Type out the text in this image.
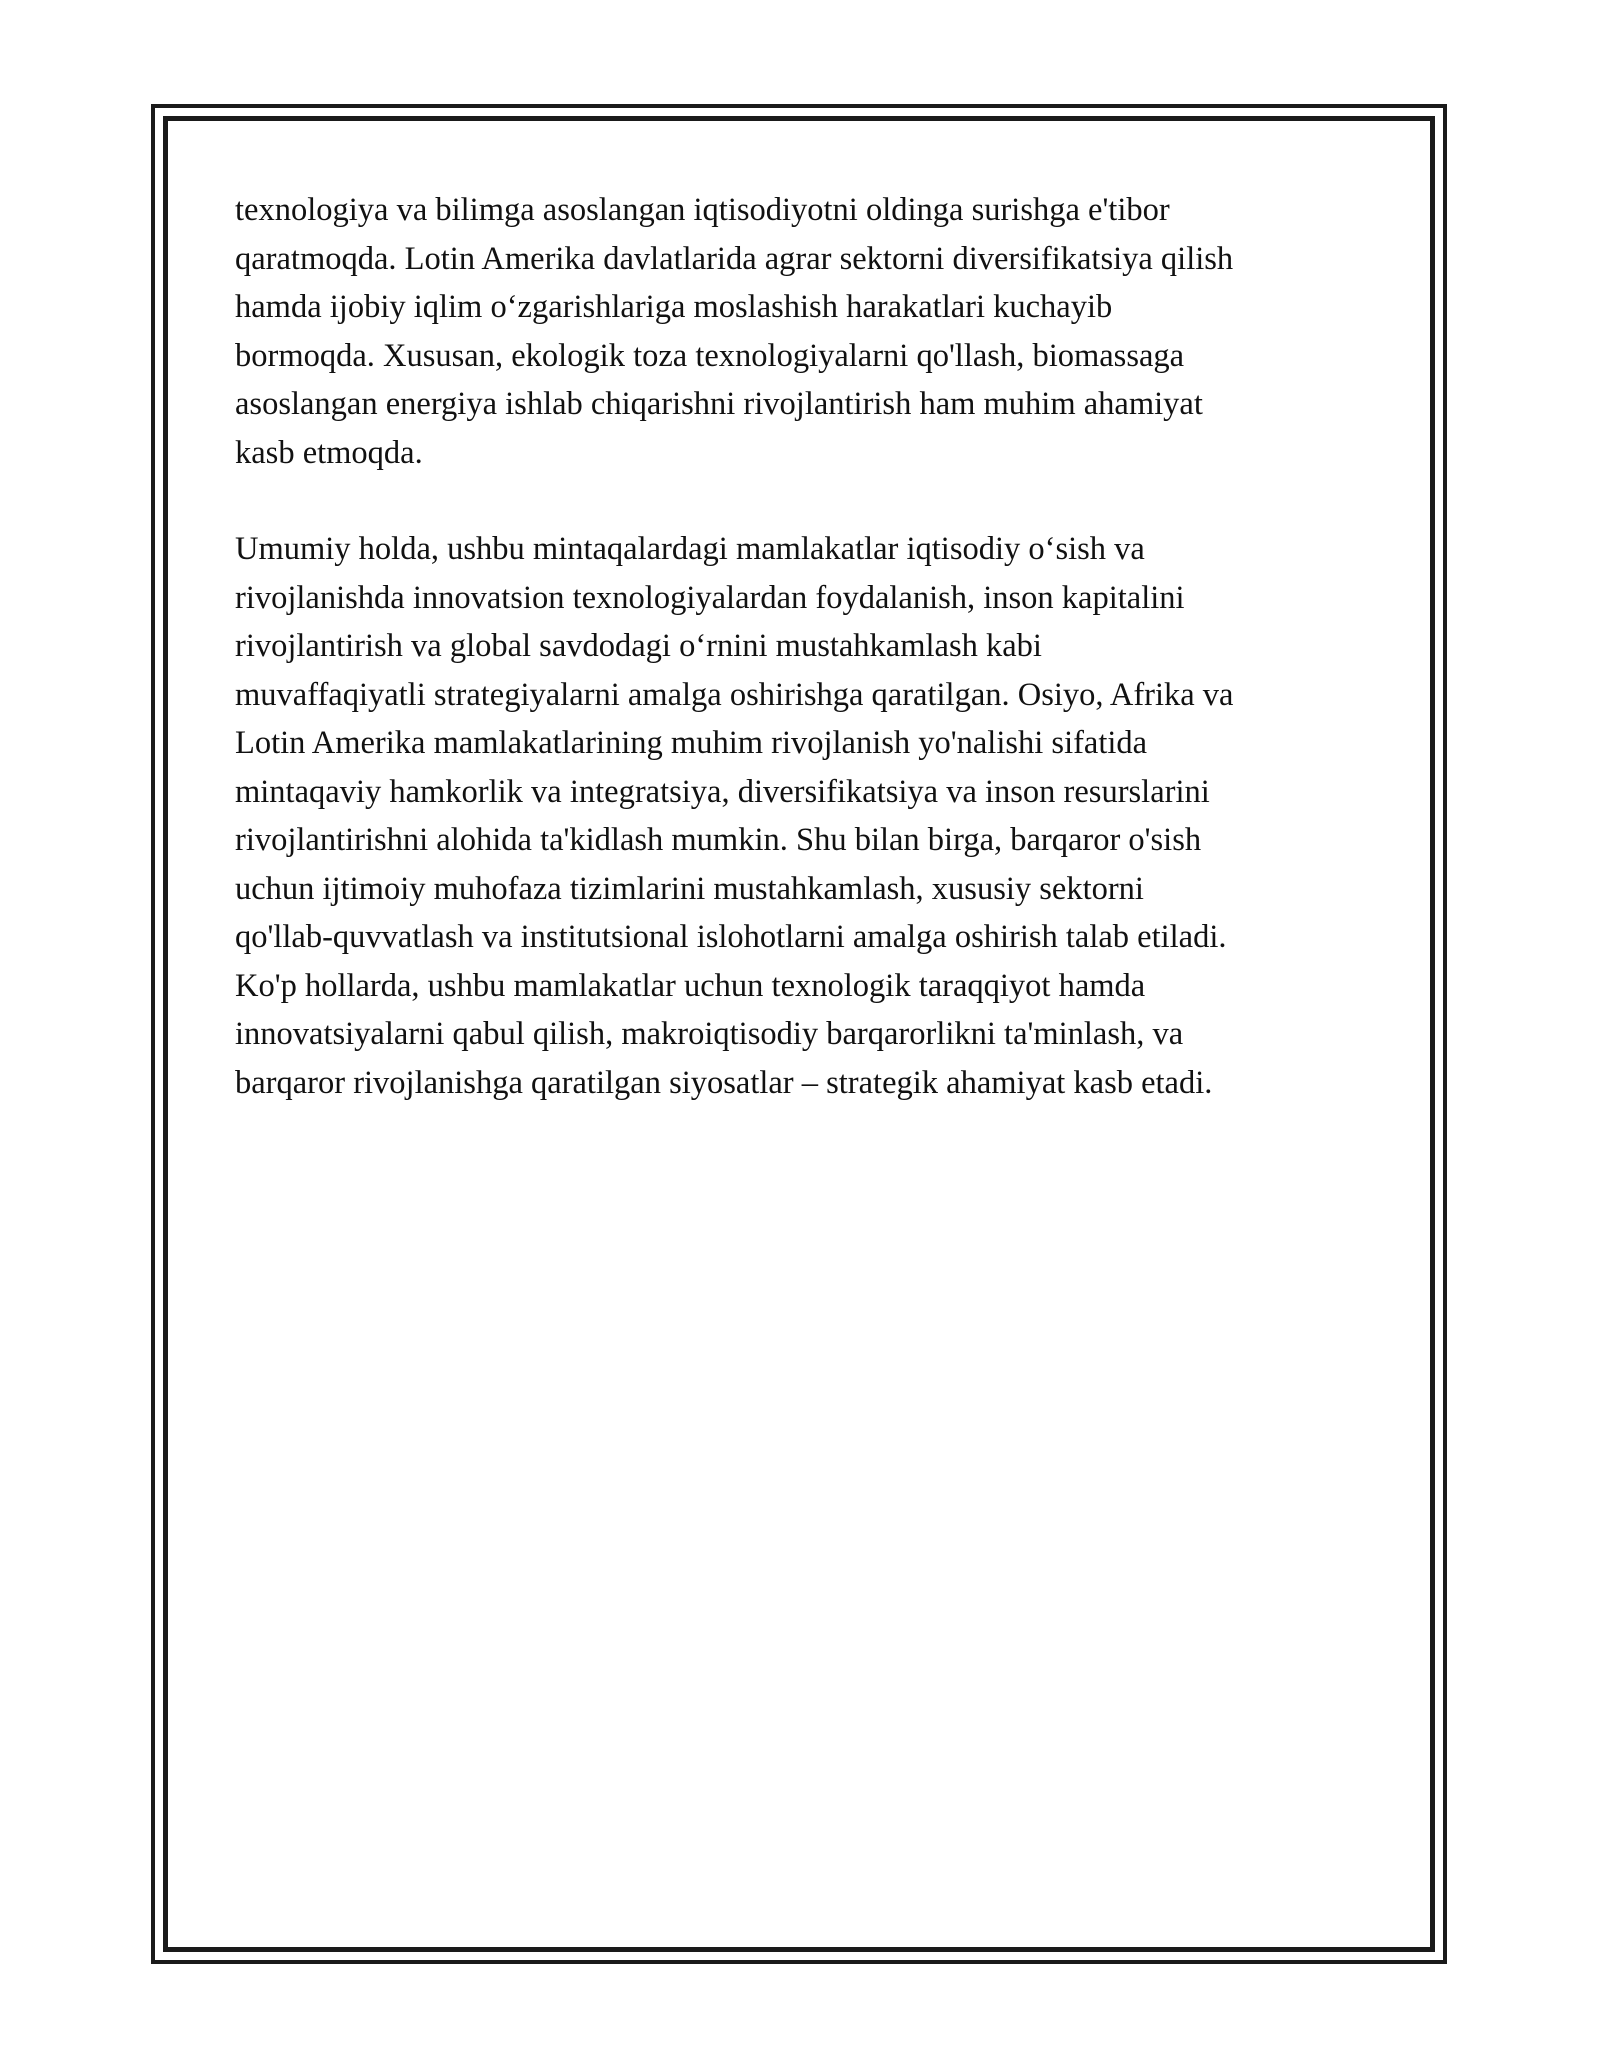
texnologiya va bilimga asoslangan iqtisodiyotni oldinga surishga e'tibor
qaratmoqda. Lotin Amerika davlatlarida agrar sektorni diversifikatsiya qilish
hamda ijobiy iqlim o‘zgarishlariga moslashish harakatlari kuchayib
bormoqda. Xususan, ekologik toza texnologiyalarni qo'llash, biomassaga
asoslangan energiya ishlab chiqarishni rivojlantirish ham muhim ahamiyat
kasb etmoqda.

Umumiy holda, ushbu mintaqalardagi mamlakatlar iqtisodiy o‘sish va
rivojlanishda innovatsion texnologiyalardan foydalanish, inson kapitalini
rivojlantirish va global savdodagi o‘rnini mustahkamlash kabi
muvaffaqiyatli strategiyalarni amalga oshirishga qaratilgan. Osiyo, Afrika va
Lotin Amerika mamlakatlarining muhim rivojlanish yo'nalishi sifatida
mintaqaviy hamkorlik va integratsiya, diversifikatsiya va inson resurslarini
rivojlantirishni alohida ta'kidlash mumkin. Shu bilan birga, barqaror o'sish
uchun ijtimoiy muhofaza tizimlarini mustahkamlash, xususiy sektorni
qo'llab-quvvatlash va institutsional islohotlarni amalga oshirish talab etiladi.
Ko'p hollarda, ushbu mamlakatlar uchun texnologik taraqqiyot hamda
innovatsiyalarni qabul qilish, makroiqtisodiy barqarorlikni ta'minlash, va
barqaror rivojlanishga qaratilgan siyosatlar – strategik ahamiyat kasb etadi.
